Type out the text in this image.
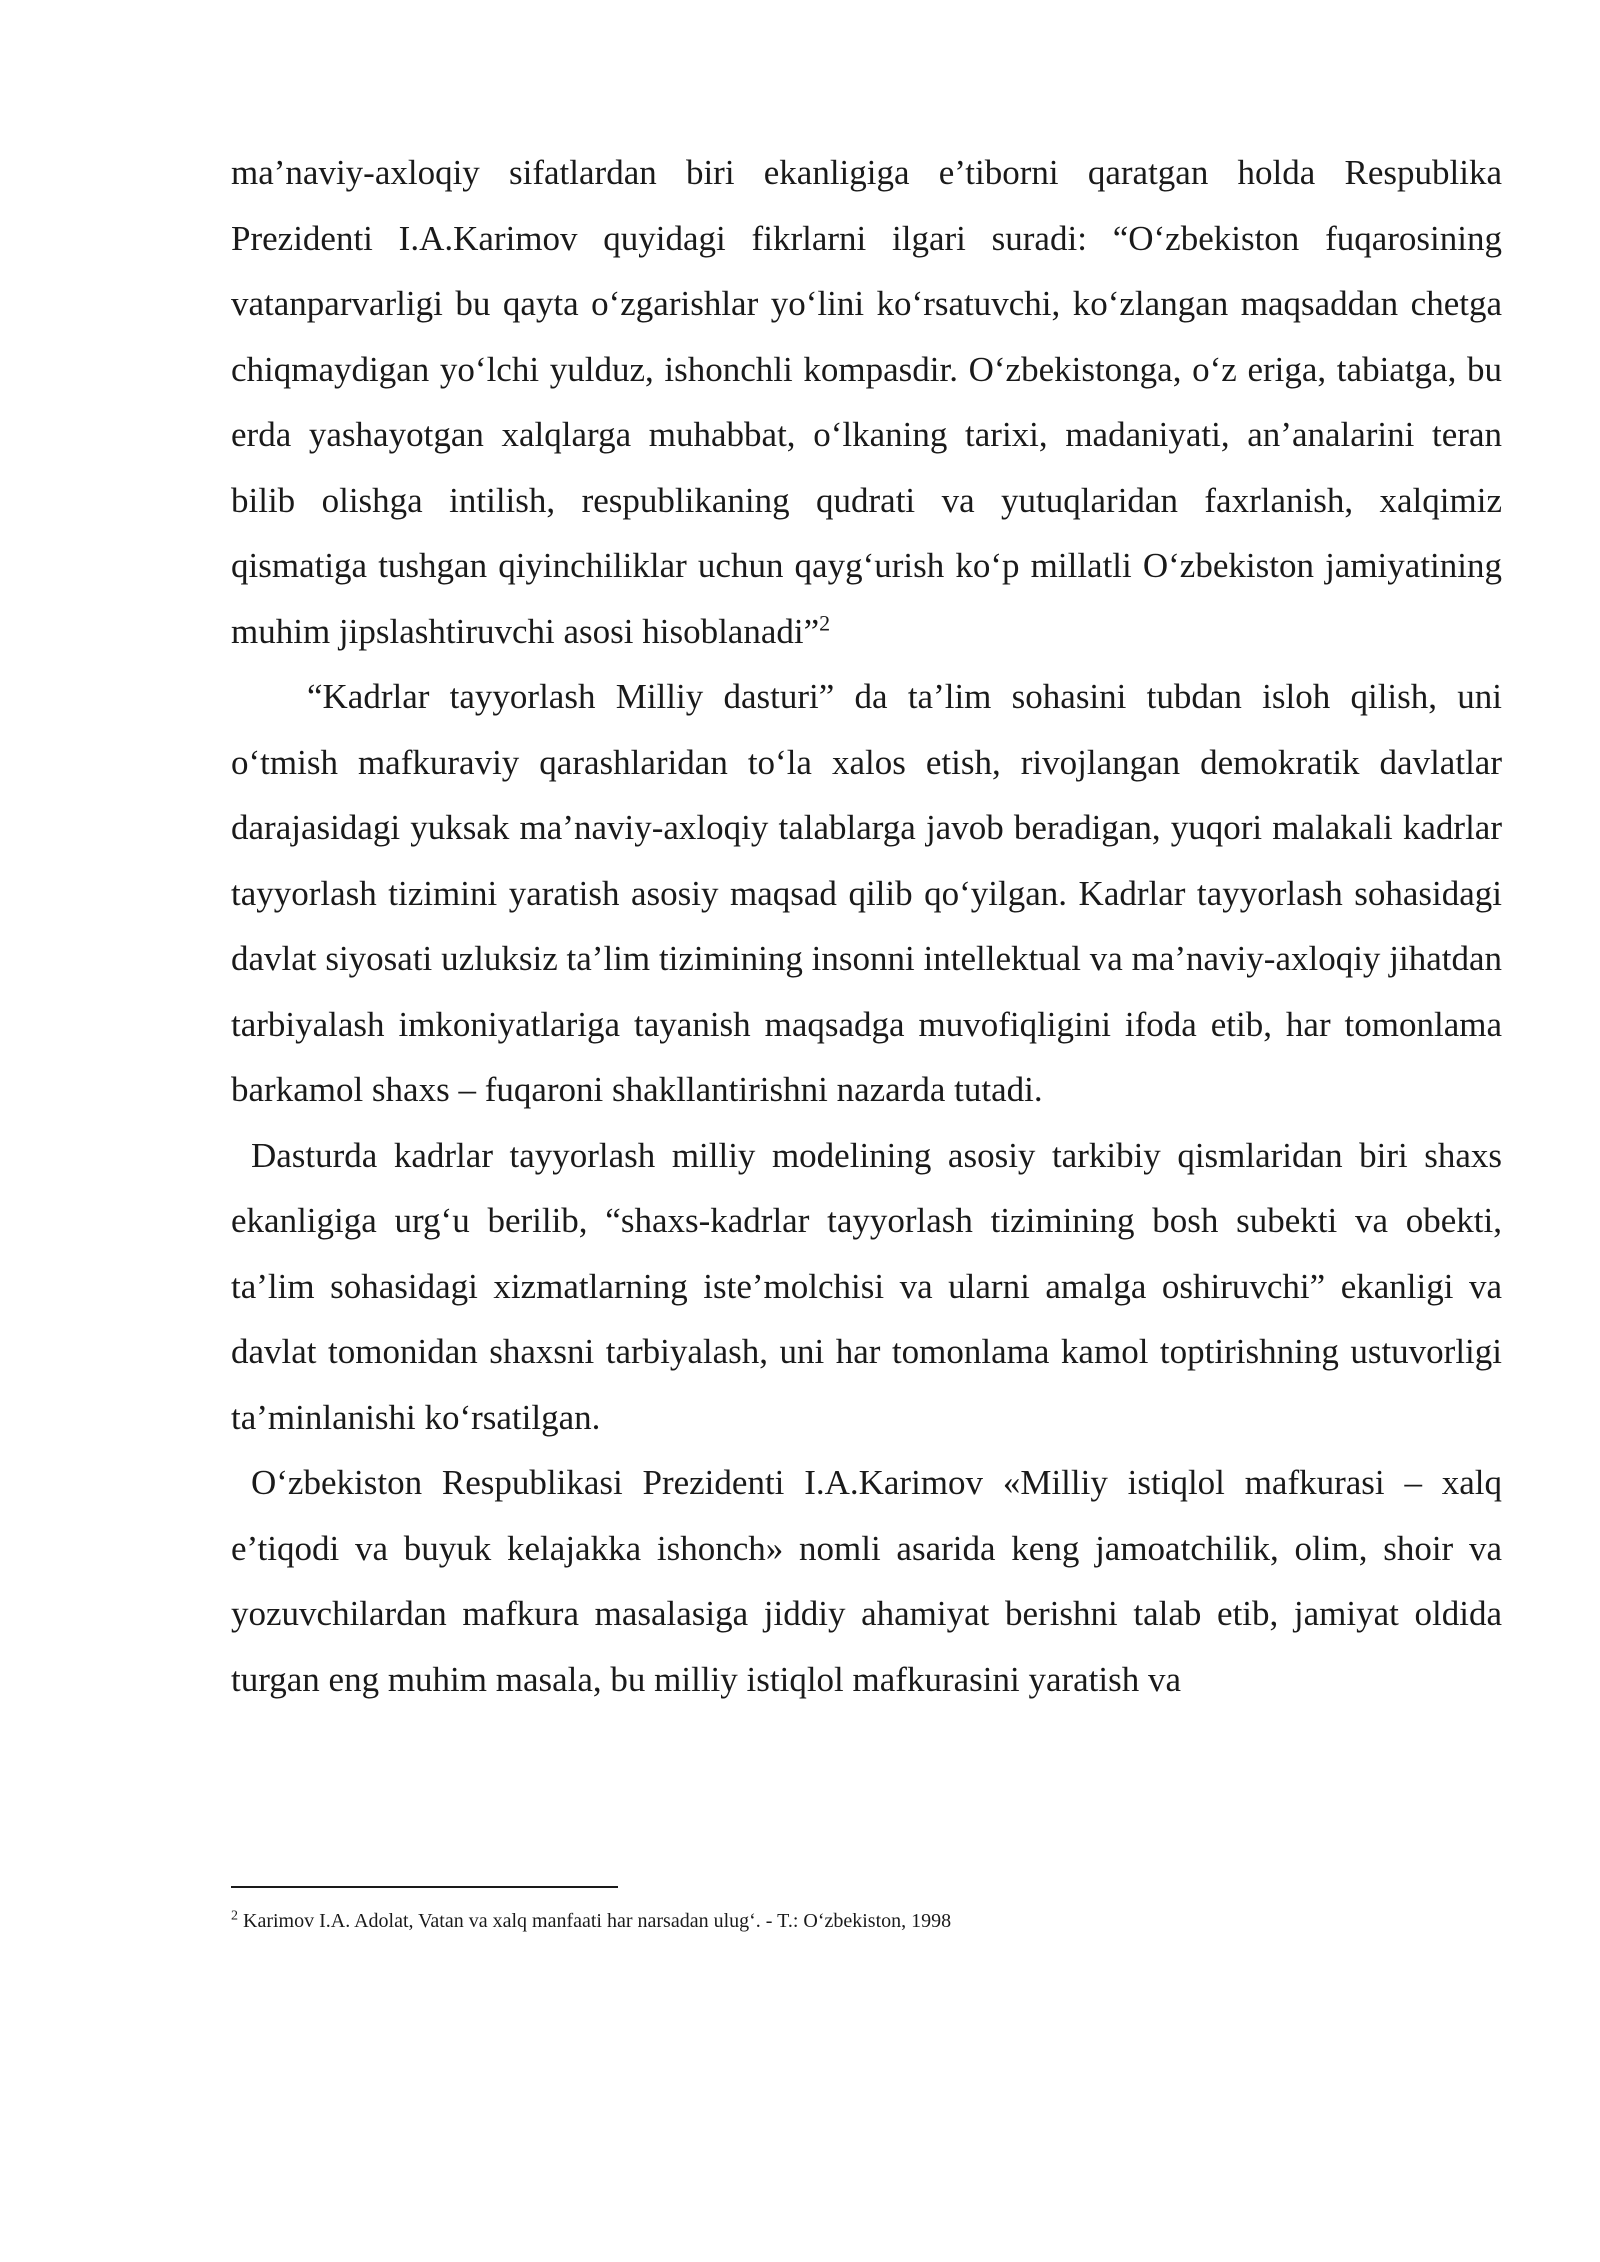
ma’naviy-axloqiy sifatlardan biri ekanligiga e’tiborni qaratgan holda Respublika Prezidenti I.A.Karimov quyidagi fikrlarni ilgari suradi: “O‘zbekiston fuqarosining vatanparvarligi bu qayta o‘zgarishlar yo‘lini ko‘rsatuvchi, ko‘zlangan maqsaddan chetga chiqmaydigan yo‘lchi yulduz, ishonchli kompasdir. O‘zbekistonga, o‘z eriga, tabiatga, bu erda yashayotgan xalqlarga muhabbat, o‘lkaning tarixi, madaniyati, an’analarini teran bilib olishga intilish, respublikaning qudrati va yutuqlaridan faxrlanish, xalqimiz qismatiga tushgan qiyinchiliklar uchun qayg‘urish ko‘p millatli O‘zbekiston jamiyatining muhim jipslashtiruvchi asosi hisoblanadi”$^2$

“Kadrlar tayyorlash Milliy dasturi” da ta’lim sohasini tubdan isloh qilish, uni o‘tmish mafkuraviy qarashlaridan to‘la xalos etish, rivojlangan demokratik davlatlar darajasidagi yuksak ma’naviy-axloqiy talablarga javob beradigan, yuqori malakali kadrlar tayyorlash tizimini yaratish asosiy maqsad qilib qo‘yilgan. Kadrlar tayyorlash sohasidagi davlat siyosati uzluksiz ta’lim tizimining insonni intellektual va ma’naviy-axloqiy jihatdan tarbiyalash imkoniyatlariga tayanish maqsadga muvofiqligini ifoda etib, har tomonlama barkamol shaxs – fuqaroni shakllantirishni nazarda tutadi.

Dasturda kadrlar tayyorlash milliy modelining asosiy tarkibiy qismlaridan biri shaxs ekanligiga urg‘u berilib, “shaxs-kadrlar tayyorlash tizimining bosh subekti va obekti, ta’lim sohasidagi xizmatlarning iste’molchisi va ularni amalga oshiruvchi” ekanligi va davlat tomonidan shaxsni tarbiyalash, uni har tomonlama kamol toptirishning ustuvorligi ta’minlanishi ko‘rsatilgan.

O‘zbekiston Respublikasi Prezidenti I.A.Karimov «Milliy istiqlol mafkurasi – xalq e’tiqodi va buyuk kelajakka ishonch» nomli asarida keng jamoatchilik, olim, shoir va yozuvchilardan mafkura masalasiga jiddiy ahamiyat berishni talab etib, jamiyat oldida turgan eng muhim masala, bu milliy istiqlol mafkurasini yaratish va

$^2$ Karimov I.A. Adolat, Vatan va xalq manfaati har narsadan ulug‘. - T.: O‘zbekiston, 1998
